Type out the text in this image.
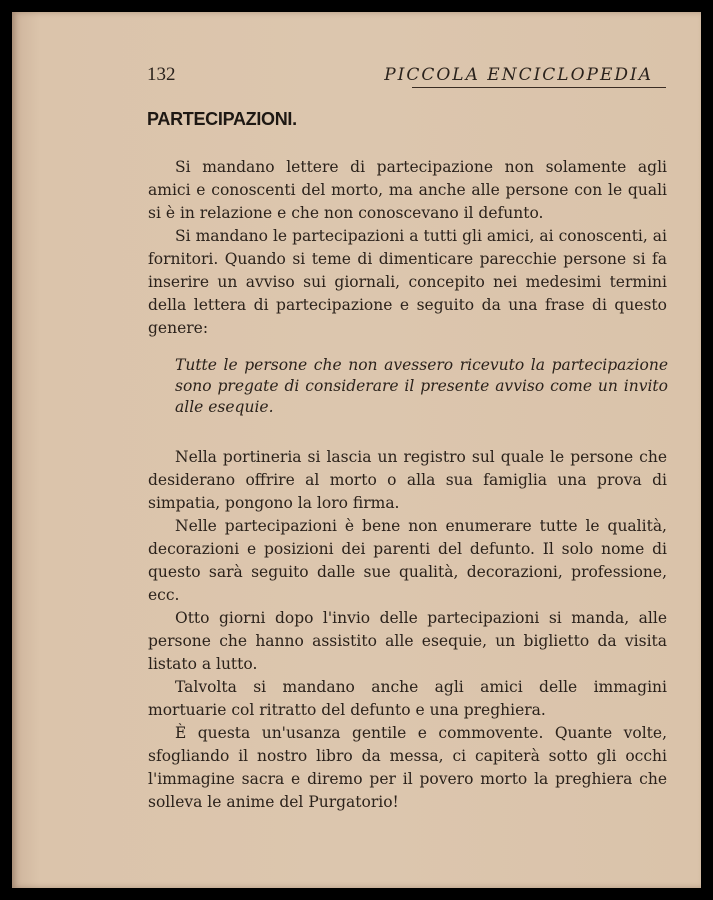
132	PICCOLA ENCICLOPEDIA
PARTECIPAZIONI.

Si mandano lettere di partecipazione non solamente agli amici e conoscenti del morto, ma anche alle persone con le quali si è in relazione e che non conoscevano il defunto.

Si mandano le partecipazioni a tutti gli amici, ai conoscenti, ai fornitori. Quando si teme di dimenticare parecchie persone si fa inserire un avviso sui giornali, concepito nei medesimi termini della lettera di partecipazione e seguito da una frase di questo genere:

Tutte le persone che non avessero ricevuto la partecipazione sono pregate di considerare il presente avviso come un invito alle esequie.

Nella portineria si lascia un registro sul quale le persone che desiderano offrire al morto o alla sua famiglia una prova di simpatia, pongono la loro firma.

Nelle partecipazioni è bene non enumerare tutte le qualità, decorazioni e posizioni dei parenti del defunto. Il solo nome di questo sarà seguito dalle sue qualità, decorazioni, professione, ecc.

Otto giorni dopo l'invio delle partecipazioni si manda, alle persone che hanno assistito alle esequie, un biglietto da visita listato a lutto.

Talvolta si mandano anche agli amici delle immagini mortuarie col ritratto del defunto e una preghiera.

È questa un'usanza gentile e commovente. Quante volte, sfogliando il nostro libro da messa, ci capiterà sotto gli occhi l'immagine sacra e diremo per il povero morto la preghiera che solleva le anime del Purgatorio!
